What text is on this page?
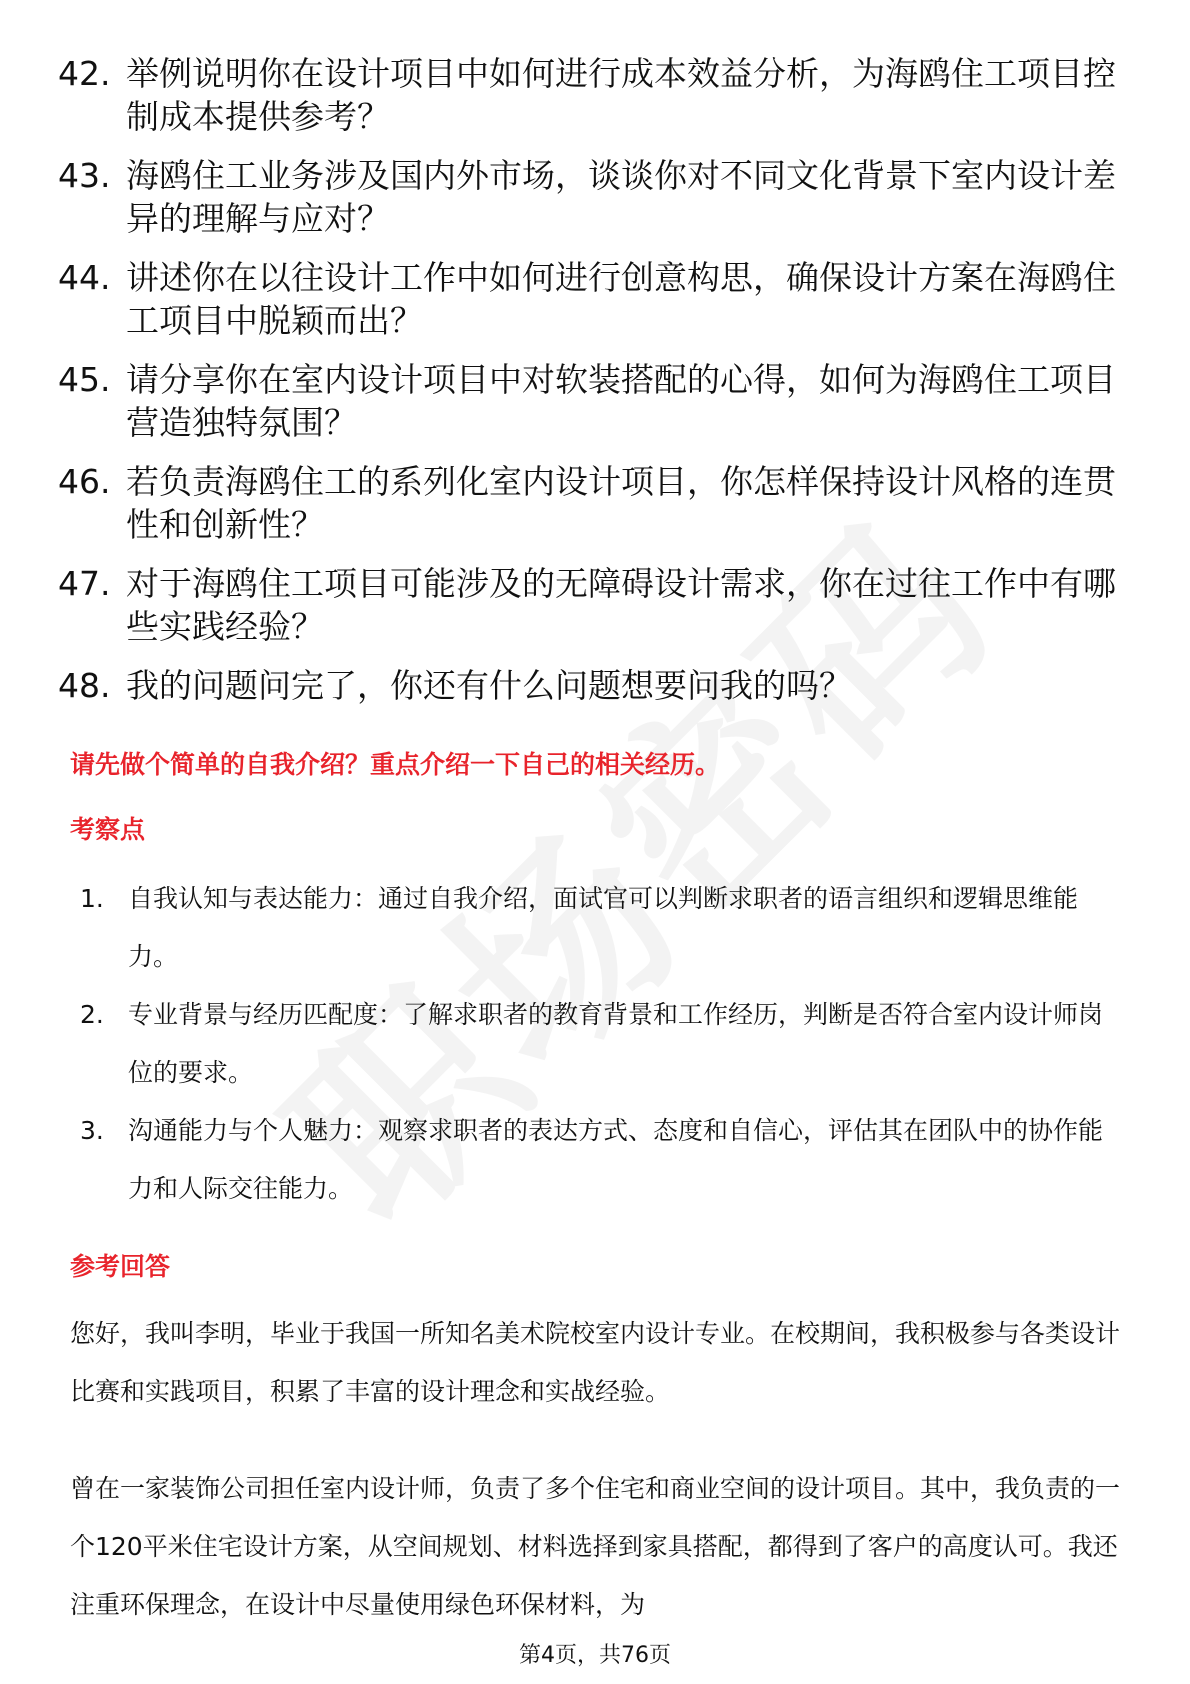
42. 举例说明你在设计项目中如何进行成本效益分析，为海鸥住工项目控制成本提供参考？
43. 海鸥住工业务涉及国内外市场，谈谈你对不同文化背景下室内设计差异的理解与应对？
44. 讲述你在以往设计工作中如何进行创意构思，确保设计方案在海鸥住工项目中脱颖而出？
45. 请分享你在室内设计项目中对软装搭配的心得，如何为海鸥住工项目营造独特氛围？
46. 若负责海鸥住工的系列化室内设计项目，你怎样保持设计风格的连贯性和创新性？
47. 对于海鸥住工项目可能涉及的无障碍设计需求，你在过往工作中有哪些实践经验？
48. 我的问题问完了，你还有什么问题想要问我的吗？
请先做个简单的自我介绍？重点介绍一下自己的相关经历。
考察点
1. 自我认知与表达能力：通过自我介绍，面试官可以判断求职者的语言组织和逻辑思维能力。
2. 专业背景与经历匹配度：了解求职者的教育背景和工作经历，判断是否符合室内设计师岗位的要求。
3. 沟通能力与个人魅力：观察求职者的表达方式、态度和自信心，评估其在团队中的协作能力和人际交往能力。
参考回答
您好，我叫李明，毕业于我国一所知名美术院校室内设计专业。在校期间，我积极参与各类设计比赛和实践项目，积累了丰富的设计理念和实战经验。
曾在一家装饰公司担任室内设计师，负责了多个住宅和商业空间的设计项目。其中，我负责的一个120平米住宅设计方案，从空间规划、材料选择到家具搭配，都得到了客户的高度认可。我还注重环保理念，在设计中尽量使用绿色环保材料，为
第4页，共76页
